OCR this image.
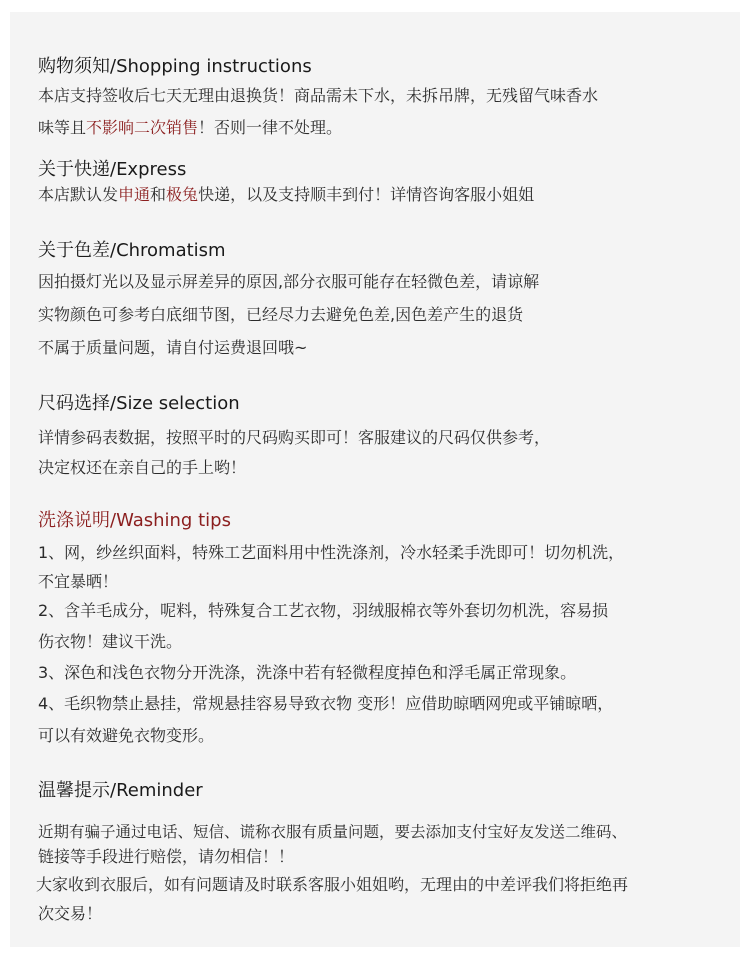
购物须知/Shopping instructions
本店支持签收后七天无理由退换货！商品需未下水，未拆吊牌，无残留气味香水
味等且不影响二次销售！否则一律不处理。
关于快递/Express
本店默认发申通和极兔快递，以及支持顺丰到付！详情咨询客服小姐姐
关于色差/Chromatism
因拍摄灯光以及显示屏差异的原因,部分衣服可能存在轻微色差，请谅解
实物颜色可参考白底细节图，已经尽力去避免色差,因色差产生的退货
不属于质量问题，请自付运费退回哦~
尺码选择/Size selection
详情参码表数据，按照平时的尺码购买即可！客服建议的尺码仅供参考，
决定权还在亲自己的手上哟！
洗涤说明/Washing tips
1、网，纱丝织面料，特殊工艺面料用中性洗涤剂，冷水轻柔手洗即可！切勿机洗，
不宜暴晒！
2、含羊毛成分，呢料，特殊复合工艺衣物，羽绒服棉衣等外套切勿机洗，容易损
伤衣物！建议干洗。
3、深色和浅色衣物分开洗涤，洗涤中若有轻微程度掉色和浮毛属正常现象。
4、毛织物禁止悬挂，常规悬挂容易导致衣物 变形！应借助晾晒网兜或平铺晾晒，
可以有效避免衣物变形。
温馨提示/Reminder
近期有骗子通过电话、短信、谎称衣服有质量问题，要去添加支付宝好友发送二维码、
链接等手段进行赔偿，请勿相信！！
大家收到衣服后，如有问题请及时联系客服小姐姐哟，无理由的中差评我们将拒绝再
次交易！
